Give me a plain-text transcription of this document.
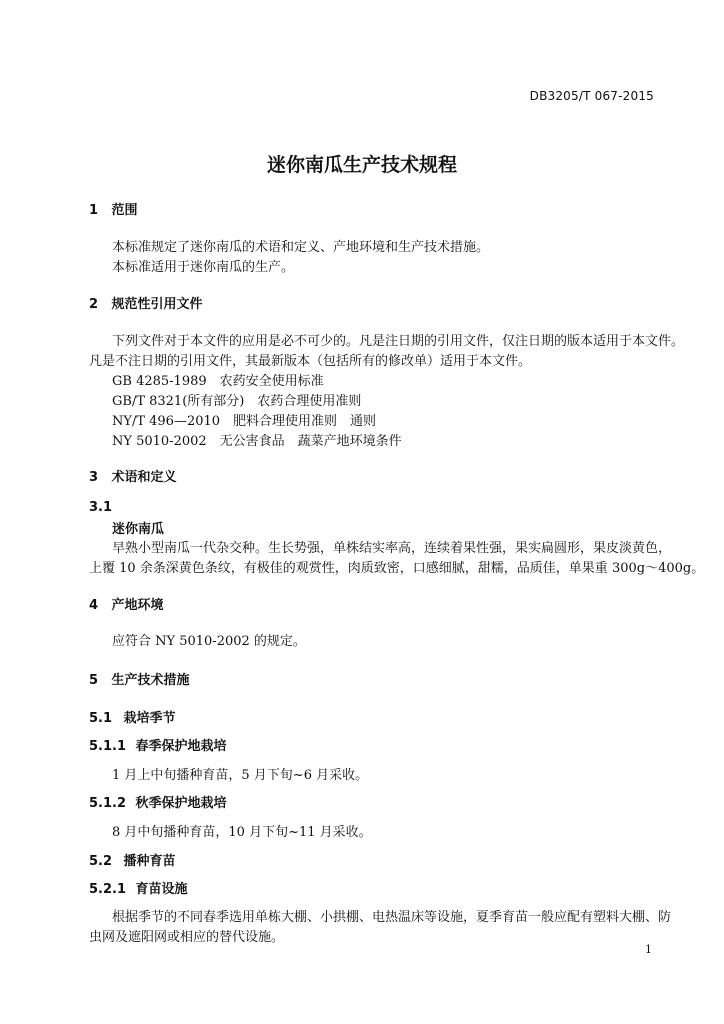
DB3205/T 067-2015
迷你南瓜生产技术规程
1 范围
本标准规定了迷你南瓜的术语和定义、产地环境和生产技术措施。
本标准适用于迷你南瓜的生产。
2 规范性引用文件
下列文件对于本文件的应用是必不可少的。凡是注日期的引用文件，仅注日期的版本适用于本文件。
凡是不注日期的引用文件，其最新版本（包括所有的修改单）适用于本文件。
GB 4285-1989　农药安全使用标准
GB/T 8321(所有部分)　农药合理使用准则
NY/T 496—2010　肥料合理使用准则　通则
NY 5010-2002　无公害食品　蔬菜产地环境条件
3 术语和定义
3.1
迷你南瓜
早熟小型南瓜一代杂交种。生长势强，单株结实率高，连续着果性强，果实扁圆形，果皮淡黄色，
上覆 10 余条深黄色条纹，有极佳的观赏性，肉质致密，口感细腻，甜糯，品质佳，单果重 300g～400g。
4 产地环境
应符合 NY 5010-2002 的规定。
5 生产技术措施
5.1 栽培季节
5.1.1 春季保护地栽培
1 月上中旬播种育苗，5 月下旬~6 月采收。
5.1.2 秋季保护地栽培
8 月中旬播种育苗，10 月下旬~11 月采收。
5.2 播种育苗
5.2.1 育苗设施
根据季节的不同春季选用单栋大棚、小拱棚、电热温床等设施，夏季育苗一般应配有塑料大棚、防
虫网及遮阳网或相应的替代设施。
1
